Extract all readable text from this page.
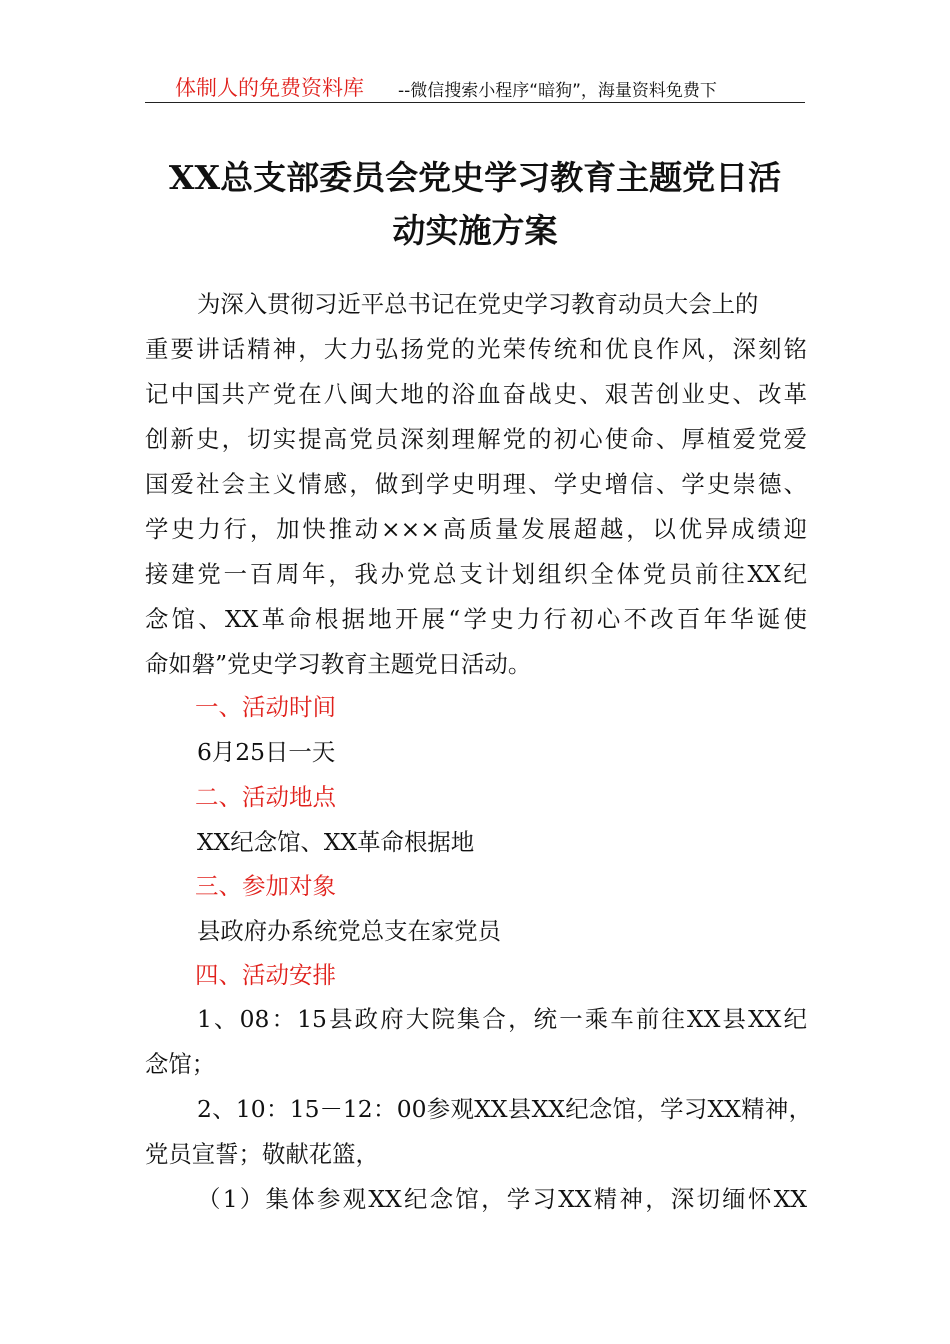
体制人的免费资料库 --微信搜索小程序“暗狗”，海量资料免费下
XX总支部委员会党史学习教育主题党日活
动实施方案
为深入贯彻习近平总书记在党史学习教育动员大会上的
重要讲话精神，大力弘扬党的光荣传统和优良作风，深刻铭
记中国共产党在八闽大地的浴血奋战史、艰苦创业史、改革
创新史，切实提高党员深刻理解党的初心使命、厚植爱党爱
国爱社会主义情感，做到学史明理、学史增信、学史崇德、
学史力行，加快推动×××高质量发展超越，以优异成绩迎
接建党一百周年，我办党总支计划组织全体党员前往XX纪
念馆、XX革命根据地开展“学史力行初心不改百年华诞使
命如磐”党史学习教育主题党日活动。
一、活动时间
6月25日一天
二、活动地点
XX纪念馆、XX革命根据地
三、参加对象
县政府办系统党总支在家党员
四、活动安排
1、08：15县政府大院集合，统一乘车前往XX县XX纪
念馆；
2、10：15－12：00参观XX县XX纪念馆，学习XX精神，
党员宣誓；敬献花篮，
（1）集体参观XX纪念馆，学习XX精神，深切缅怀XX
